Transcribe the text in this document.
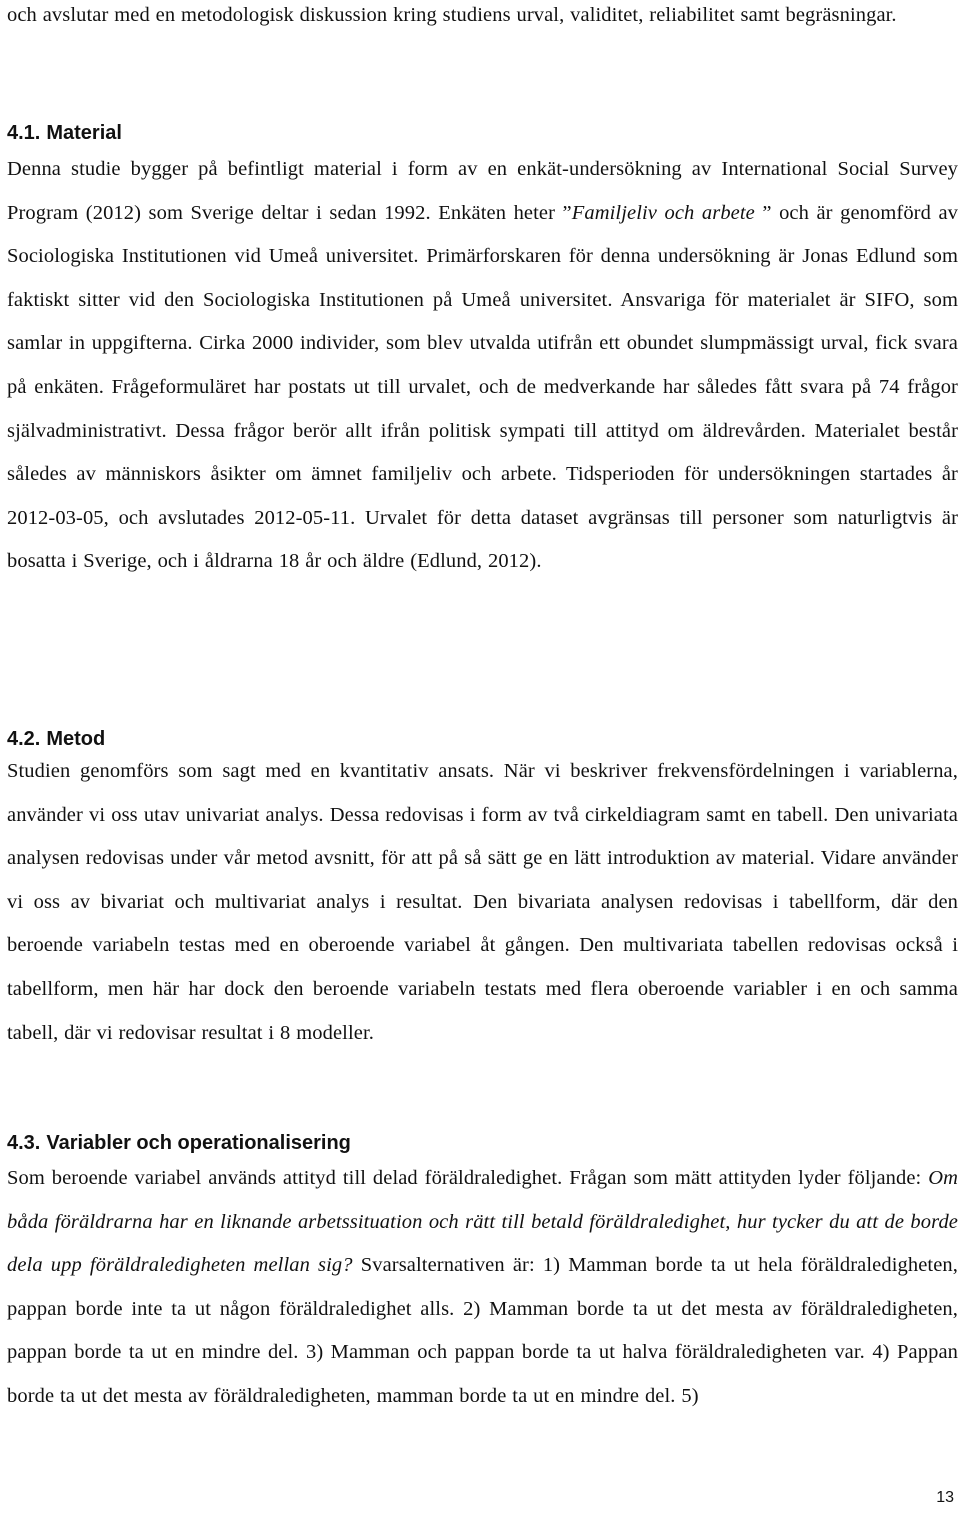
och avslutar med en metodologisk diskussion kring studiens urval, validitet, reliabilitet samt begräsningar.

4.1. Material

Denna studie bygger på befintligt material i form av en enkät-undersökning av International Social Survey Program (2012) som Sverige deltar i sedan 1992. Enkäten heter ”Familjeliv och arbete ” och är genomförd av Sociologiska Institutionen vid Umeå universitet. Primärforskaren för denna undersökning är Jonas Edlund som faktiskt sitter vid den Sociologiska Institutionen på Umeå universitet. Ansvariga för materialet är SIFO, som samlar in uppgifterna. Cirka 2000 individer, som blev utvalda utifrån ett obundet slumpmässigt urval, fick svara på enkäten. Frågeformuläret har postats ut till urvalet, och de medverkande har således fått svara på 74 frågor självadministrativt. Dessa frågor berör allt ifrån politisk sympati till attityd om äldrevården. Materialet består således av människors åsikter om ämnet familjeliv och arbete. Tidsperioden för undersökningen startades år 2012-03-05, och avslutades 2012-05-11. Urvalet för detta dataset avgränsas till personer som naturligtvis är bosatta i Sverige, och i åldrarna 18 år och äldre (Edlund, 2012).

4.2. Metod

Studien genomförs som sagt med en kvantitativ ansats. När vi beskriver frekvensfördelningen i variablerna, använder vi oss utav univariat analys. Dessa redovisas i form av två cirkeldiagram samt en tabell. Den univariata analysen redovisas under vår metod avsnitt, för att på så sätt ge en lätt introduktion av material. Vidare använder vi oss av bivariat och multivariat analys i resultat. Den bivariata analysen redovisas i tabellform, där den beroende variabeln testas med en oberoende variabel åt gången. Den multivariata tabellen redovisas också i tabellform, men här har dock den beroende variabeln testats med flera oberoende variabler i en och samma tabell, där vi redovisar resultat i 8 modeller.

4.3. Variabler och operationalisering

Som beroende variabel används attityd till delad föräldraledighet. Frågan som mätt attityden lyder följande: Om båda föräldrarna har en liknande arbetssituation och rätt till betald föräldraledighet, hur tycker du att de borde dela upp föräldraledigheten mellan sig? Svarsalternativen är: 1) Mamman borde ta ut hela föräldraledigheten, pappan borde inte ta ut någon föräldraledighet alls. 2) Mamman borde ta ut det mesta av föräldraledigheten, pappan borde ta ut en mindre del. 3) Mamman och pappan borde ta ut halva föräldraledigheten var. 4) Pappan borde ta ut det mesta av föräldraledigheten, mamman borde ta ut en mindre del. 5)

13
